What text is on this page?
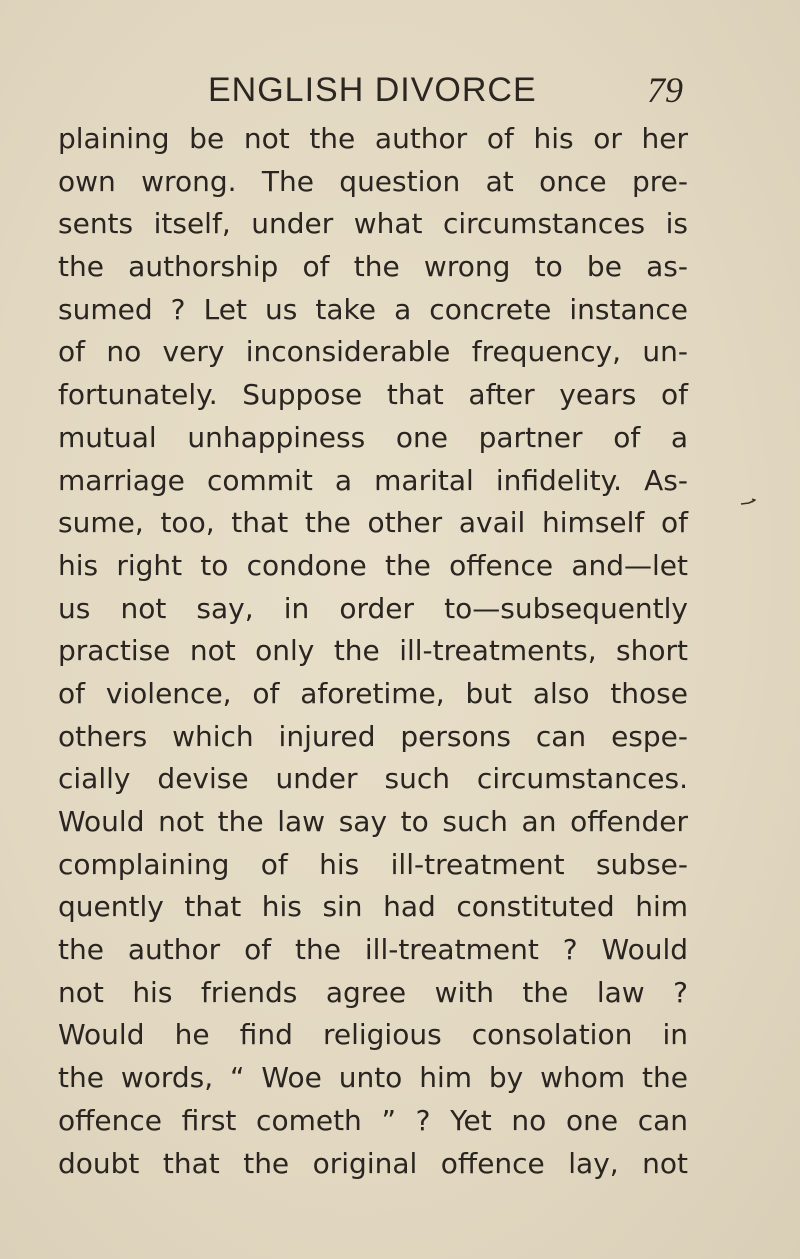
ENGLISH DIVORCE	79
plaining be not the author of his or her
own wrong. The question at once pre-
sents itself, under what circumstances is
the authorship of the wrong to be as-
sumed ? Let us take a concrete instance
of no very inconsiderable frequency, un-
fortunately. Suppose that after years of
mutual unhappiness one partner of a
marriage commit a marital infidelity. As-
sume, too, that the other avail himself of
his right to condone the offence and—let
us not say, in order to—subsequently
practise not only the ill-treatments, short
of violence, of aforetime, but also those
others which injured persons can espe-
cially devise under such circumstances.
Would not the law say to such an offender
complaining of his ill-treatment subse-
quently that his sin had constituted him
the author of the ill-treatment ? Would
not his friends agree with the law ?
Would he find religious consolation in
the words, “ Woe unto him by whom the
offence first cometh ” ? Yet no one can
doubt that the original offence lay, not
